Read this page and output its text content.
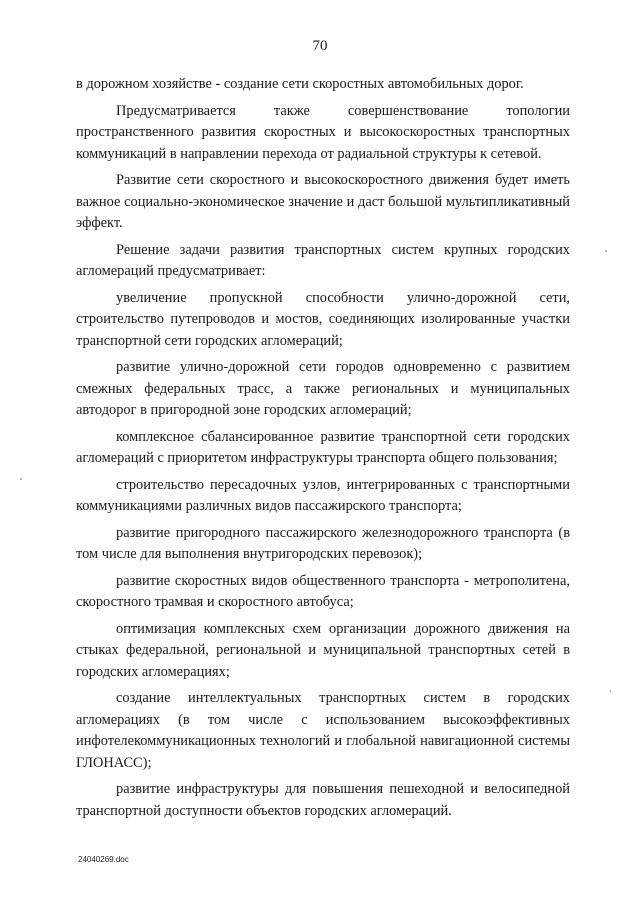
70

в дорожном хозяйстве - создание сети скоростных автомобильных дорог.

Предусматривается также совершенствование топологии пространственного развития скоростных и высокоскоростных транспортных коммуникаций в направлении перехода от радиальной структуры к сетевой.

Развитие сети скоростного и высокоскоростного движения будет иметь важное социально-экономическое значение и даст большой мультипликативный эффект.

Решение задачи развития транспортных систем крупных городских агломераций предусматривает:

увеличение пропускной способности улично-дорожной сети, строительство путепроводов и мостов, соединяющих изолированные участки транспортной сети городских агломераций;

развитие улично-дорожной сети городов одновременно с развитием смежных федеральных трасс, а также региональных и муниципальных автодорог в пригородной зоне городских агломераций;

комплексное сбалансированное развитие транспортной сети городских агломераций с приоритетом инфраструктуры транспорта общего пользования;

строительство пересадочных узлов, интегрированных с транспортными коммуникациями различных видов пассажирского транспорта;

развитие пригородного пассажирского железнодорожного транспорта (в том числе для выполнения внутригородских перевозок);

развитие скоростных видов общественного транспорта - метрополитена, скоростного трамвая и скоростного автобуса;

оптимизация комплексных схем организации дорожного движения на стыках федеральной, региональной и муниципальной транспортных сетей в городских агломерациях;

создание интеллектуальных транспортных систем в городских агломерациях (в том числе с использованием высокоэффективных инфотелекоммуникационных технологий и глобальной навигационной системы ГЛОНАСС);

развитие инфраструктуры для повышения пешеходной и велосипедной транспортной доступности объектов городских агломераций.

24040269.doc
